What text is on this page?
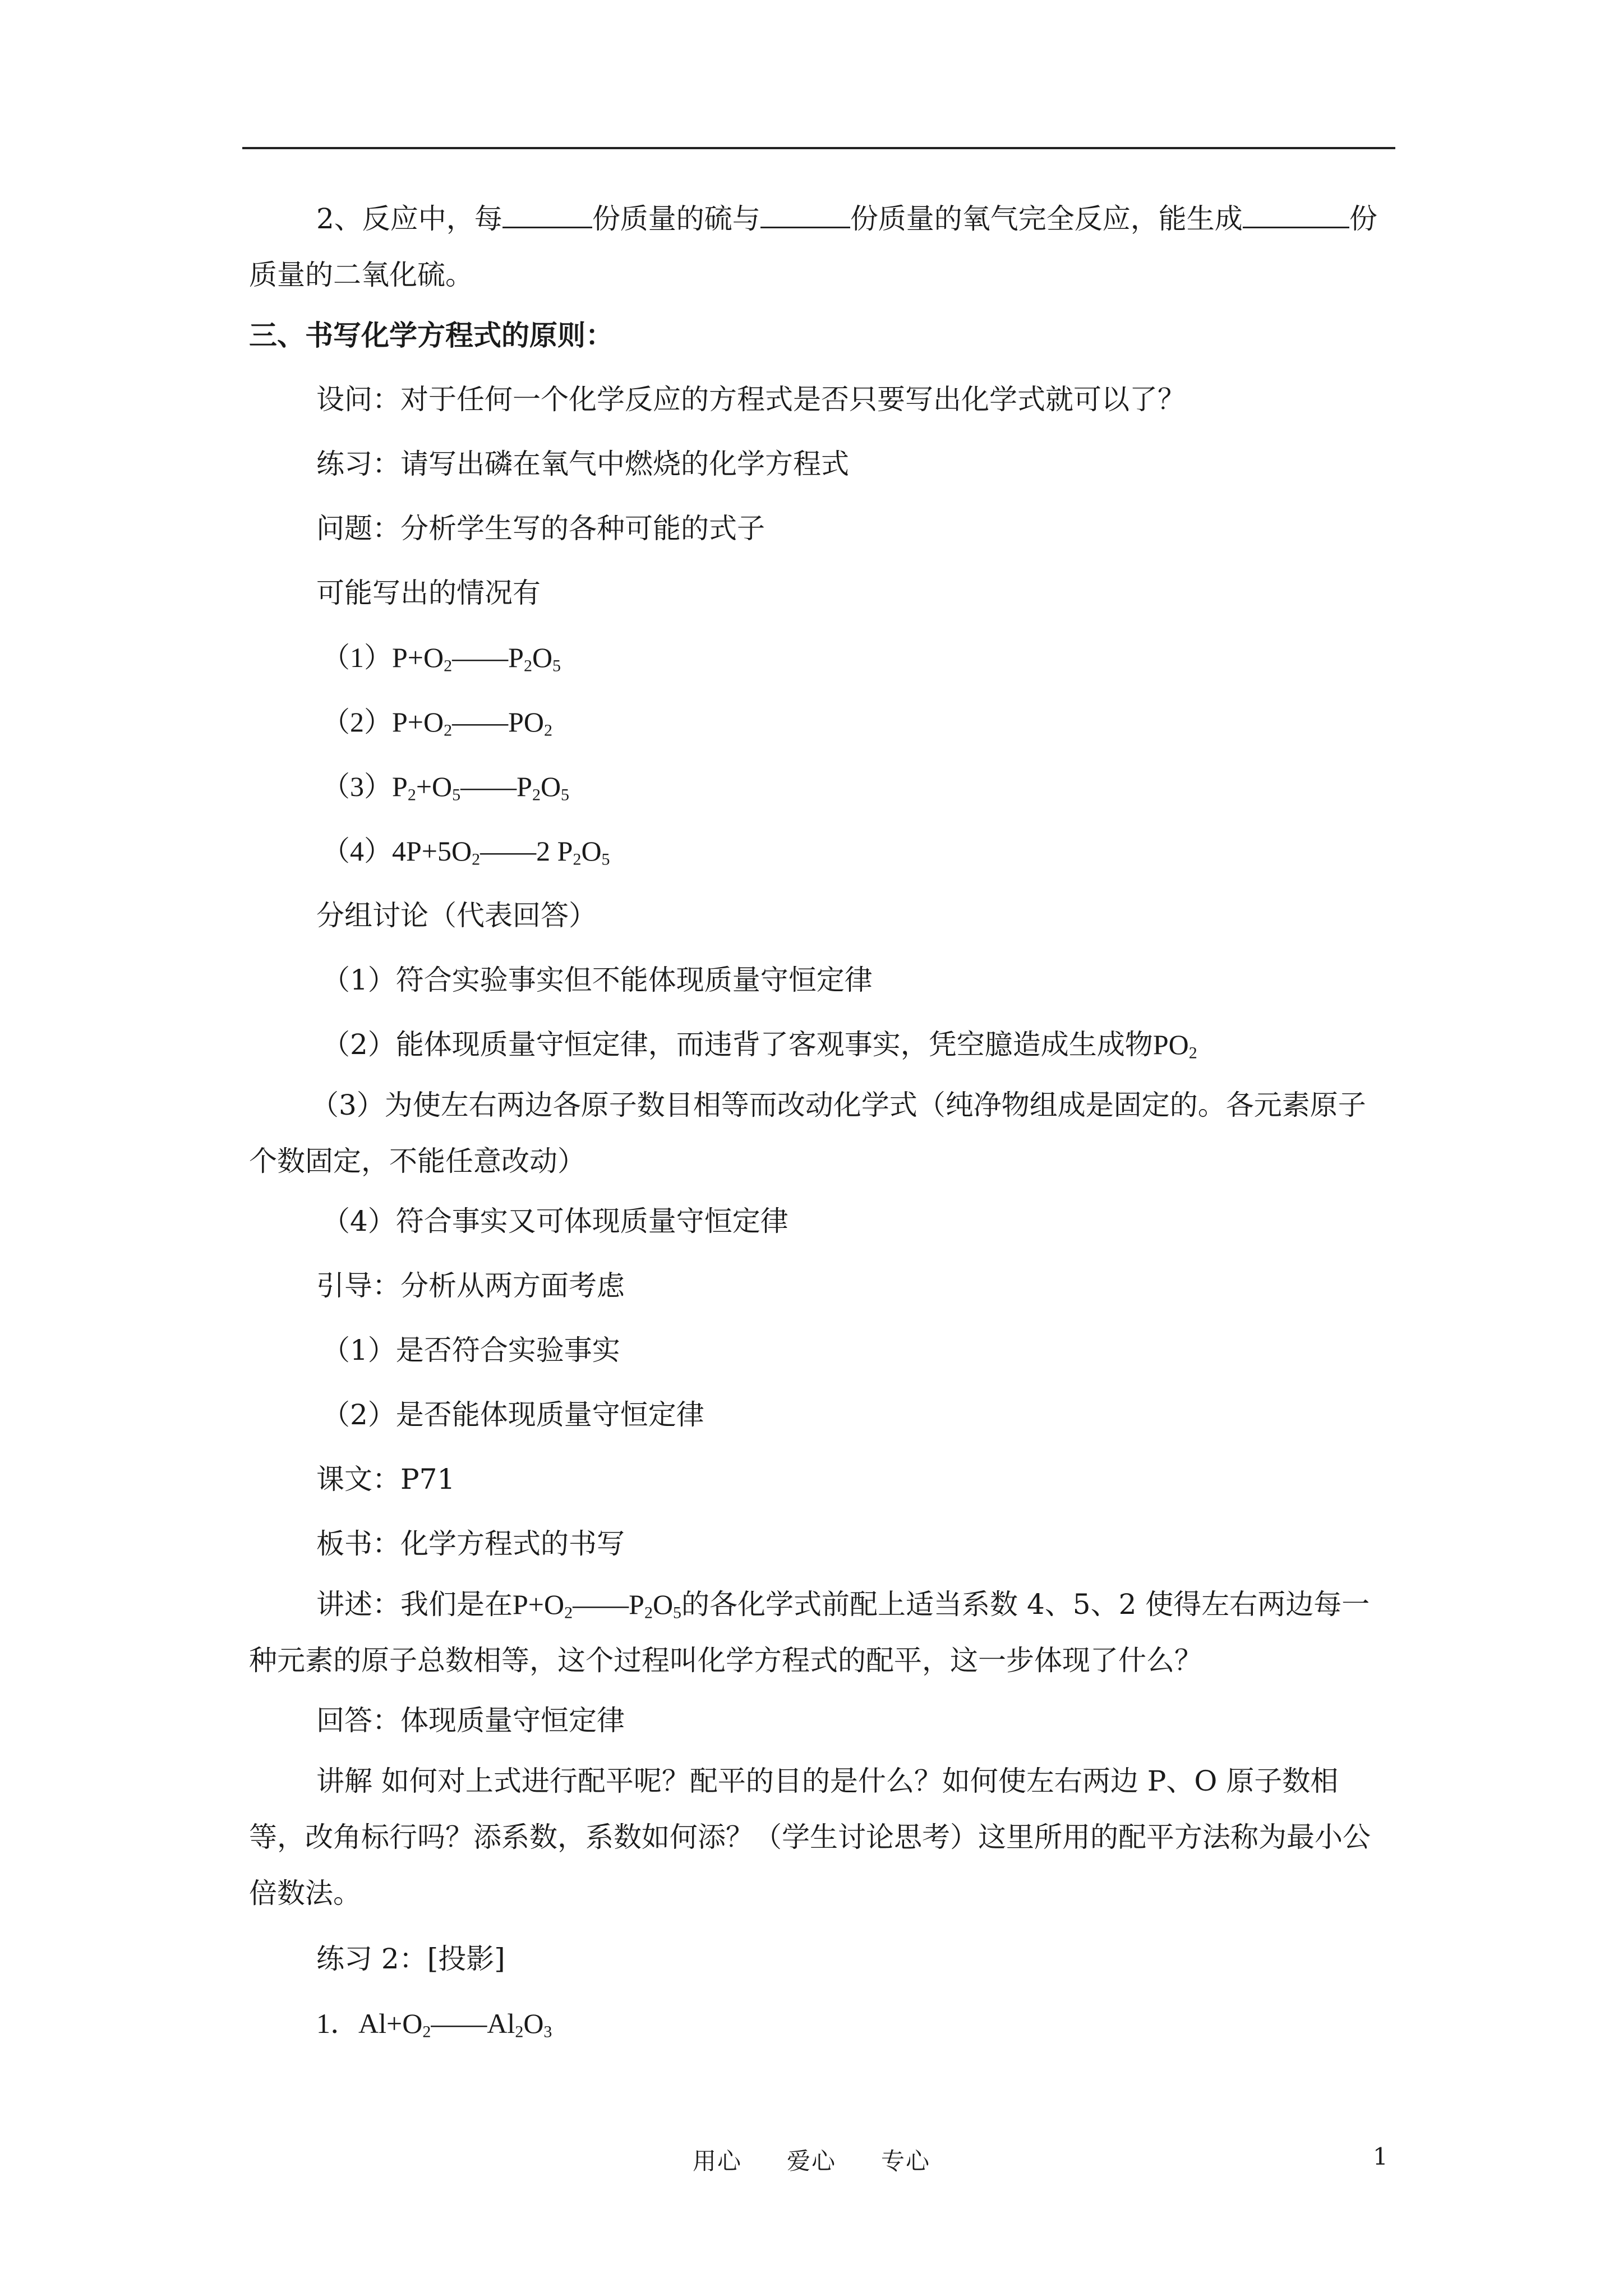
2、反应中，每	份质量的硫与	份质量的氧气完全反应，能生成	份质量的二氧化硫。

三、书写化学方程式的原则：

设问：对于任何一个化学反应的方程式是否只要写出化学式就可以了？

练习：请写出磷在氧气中燃烧的化学方程式

问题：分析学生写的各种可能的式子

可能写出的情况有

$(1)P+O_2——P_2O_5$

$(2)P+O_2——PO_2$

$(3)P_2+O_5——P_2O_5$

$(4)4P+5O_2——2$ $P_2O_5$

分组讨论（代表回答）

（1）符合实验事实但不能体现质量守恒定律

（2）能体现质量守恒定律，而违背了客观事实，凭空臆造成生成物$PO_2$

（3）为使左右两边各原子数目相等而改动化学式（纯净物组成是固定的。各元素原子个数固定，不能任意改动）

（4）符合事实又可体现质量守恒定律

引导：分析从两方面考虑

（1）是否符合实验事实

（2）是否能体现质量守恒定律

课文：P71

板书：化学方程式的书写

讲述：我们是在$P+O_2——P_2O_5$的各化学式前配上适当系数 4、5、2 使得左右两边每一种元素的原子总数相等，这个过程叫化学方程式的配平，这一步体现了什么？

回答：体现质量守恒定律

讲解 如何对上式进行配平呢？配平的目的是什么？如何使左右两边 P、O 原子数相等，改角标行吗？添系数，系数如何添？（学生讨论思考）这里所用的配平方法称为最小公倍数法。

练习 2：[投影]

1．$Al+O_2——Al_2O_3$

用心 爱心 专心	1
